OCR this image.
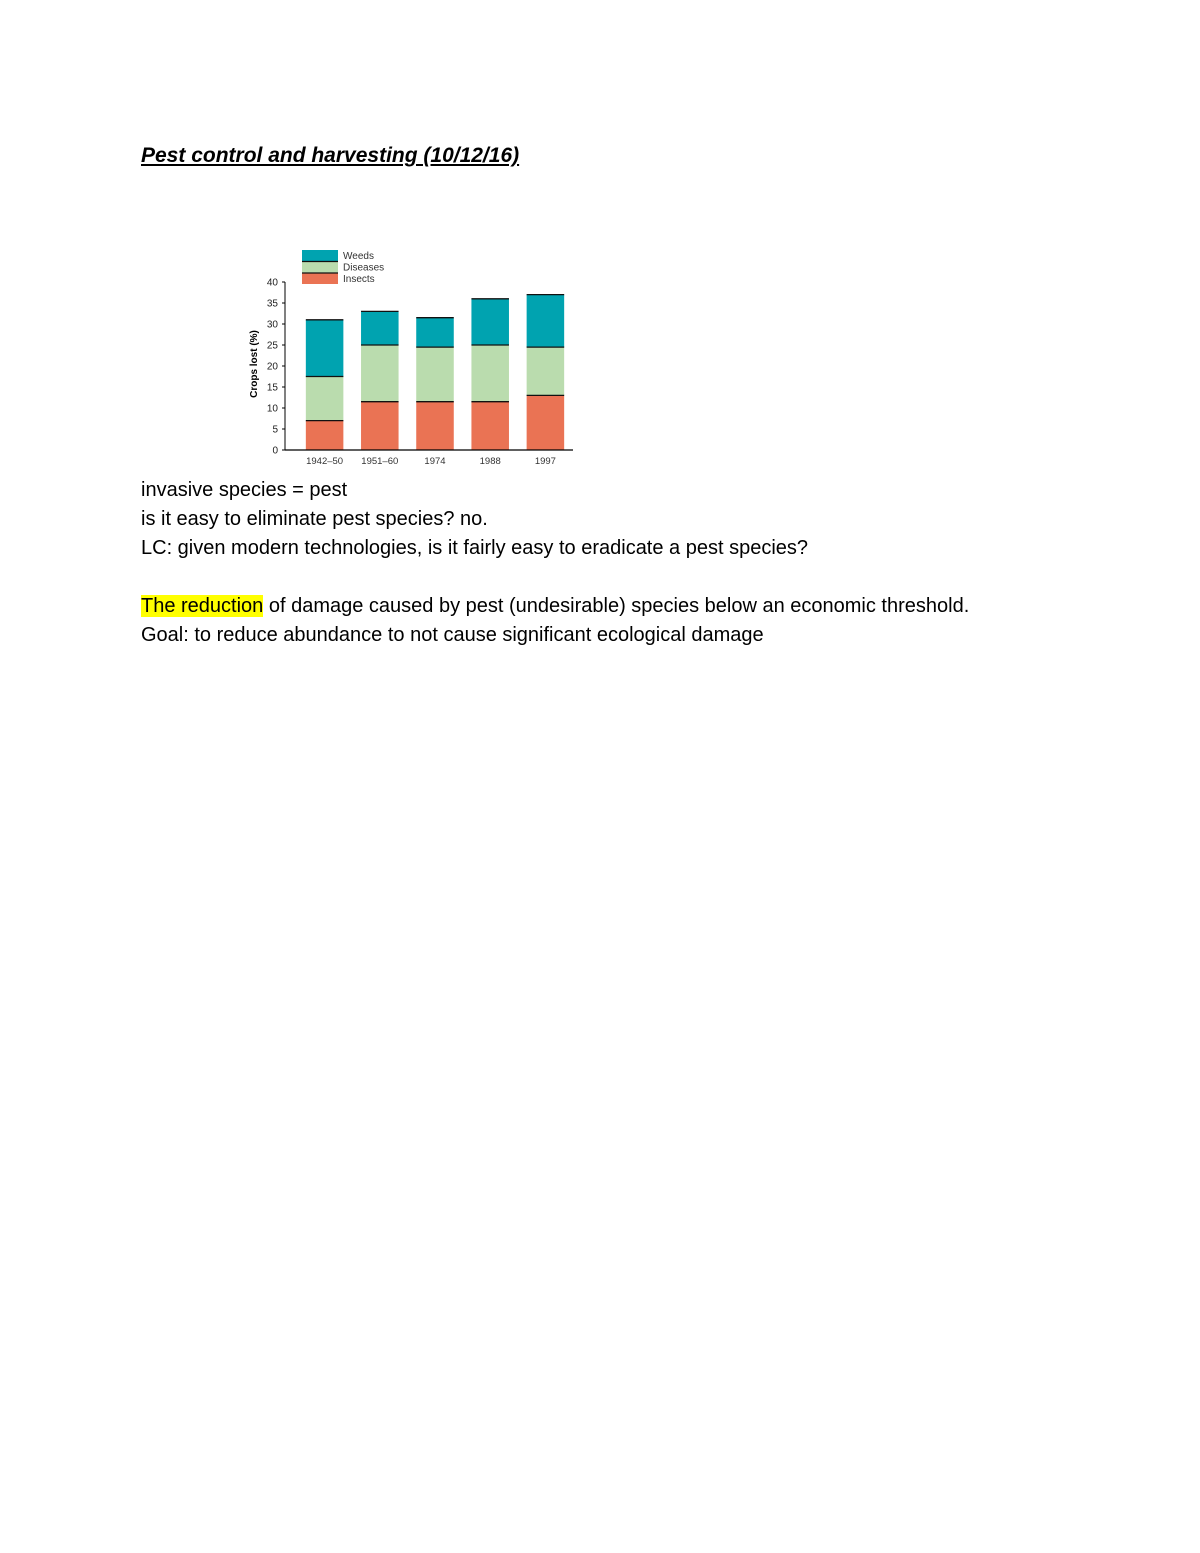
Pest control and harvesting (10/12/16)
Weeds
Diseases
Insects
Crops lost (%)
0
5
10
15
20
25
30
35
40
1942–50 1951–60	1974	1988	1997

invasive species = pest

is it easy to eliminate pest species? no.

LC: given modern technologies, is it fairly easy to eradicate a pest species?

The reduction of damage caused by pest (undesirable) species below an economic threshold.

Goal: to reduce abundance to not cause significant ecological damage
